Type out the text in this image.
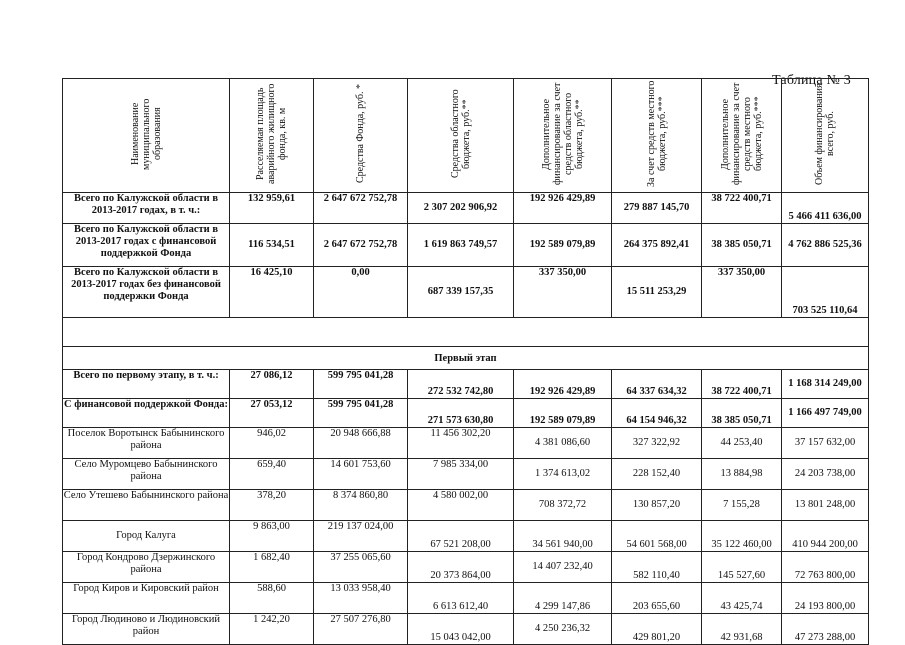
Таблица № 3
Наименование муниципального образования	Расселяемая площадь аварийного жилищного фонда, кв. м	Средства Фонда, руб. *	Средства областного бюджета, руб.**	Дополнительное финансирование за счет средств областного бюджета, руб.**	За счет средств местного бюджета, руб.***	Дополнительное финансирование за счет средств местного бюджета, руб.***	Объем финансирования всего, руб.
Всего по Калужской области в 2013-2017 годах, в т. ч.:	132 959,61	2 647 672 752,78	2 307 202 906,92	192 926 429,89	279 887 145,70	38 722 400,71	5 466 411 636,00
Всего по Калужской области в 2013-2017 годах с финансовой поддержкой Фонда	116 534,51	2 647 672 752,78	1 619 863 749,57	192 589 079,89	264 375 892,41	38 385 050,71	4 762 886 525,36
Всего по Калужской области в 2013-2017 годах без финансовой поддержки Фонда	16 425,10	0,00	687 339 157,35	337 350,00	15 511 253,29	337 350,00	703 525 110,64

Первый этап							
Всего по первому этапу, в т. ч.:	27 086,12	599 795 041,28	272 532 742,80	192 926 429,89	64 337 634,32	38 722 400,71	1 168 314 249,00
С финансовой поддержкой Фонда:	27 053,12	599 795 041,28	271 573 630,80	192 589 079,89	64 154 946,32	38 385 050,71	1 166 497 749,00
Поселок Воротынск Бабынинского района	946,02	20 948 666,88	11 456 302,20	4 381 086,60	327 322,92	44 253,40	37 157 632,00
Село Муромцево Бабынинского района	659,40	14 601 753,60	7 985 334,00	1 374 613,02	228 152,40	13 884,98	24 203 738,00
Село Утешево Бабынинского района	378,20	8 374 860,80	4 580 002,00	708 372,72	130 857,20	7 155,28	13 801 248,00
Город Калуга	9 863,00	219 137 024,00	67 521 208,00	34 561 940,00	54 601 568,00	35 122 460,00	410 944 200,00
Город Кондрово Дзержинского района	1 682,40	37 255 065,60	20 373 864,00	14 407 232,40	582 110,40	145 527,60	72 763 800,00
Город Киров и Кировский район	588,60	13 033 958,40	6 613 612,40	4 299 147,86	203 655,60	43 425,74	24 193 800,00
Город Людиново и Людиновский район	1 242,20	27 507 276,80	15 043 042,00	4 250 236,32	429 801,20	42 931,68	47 273 288,00
